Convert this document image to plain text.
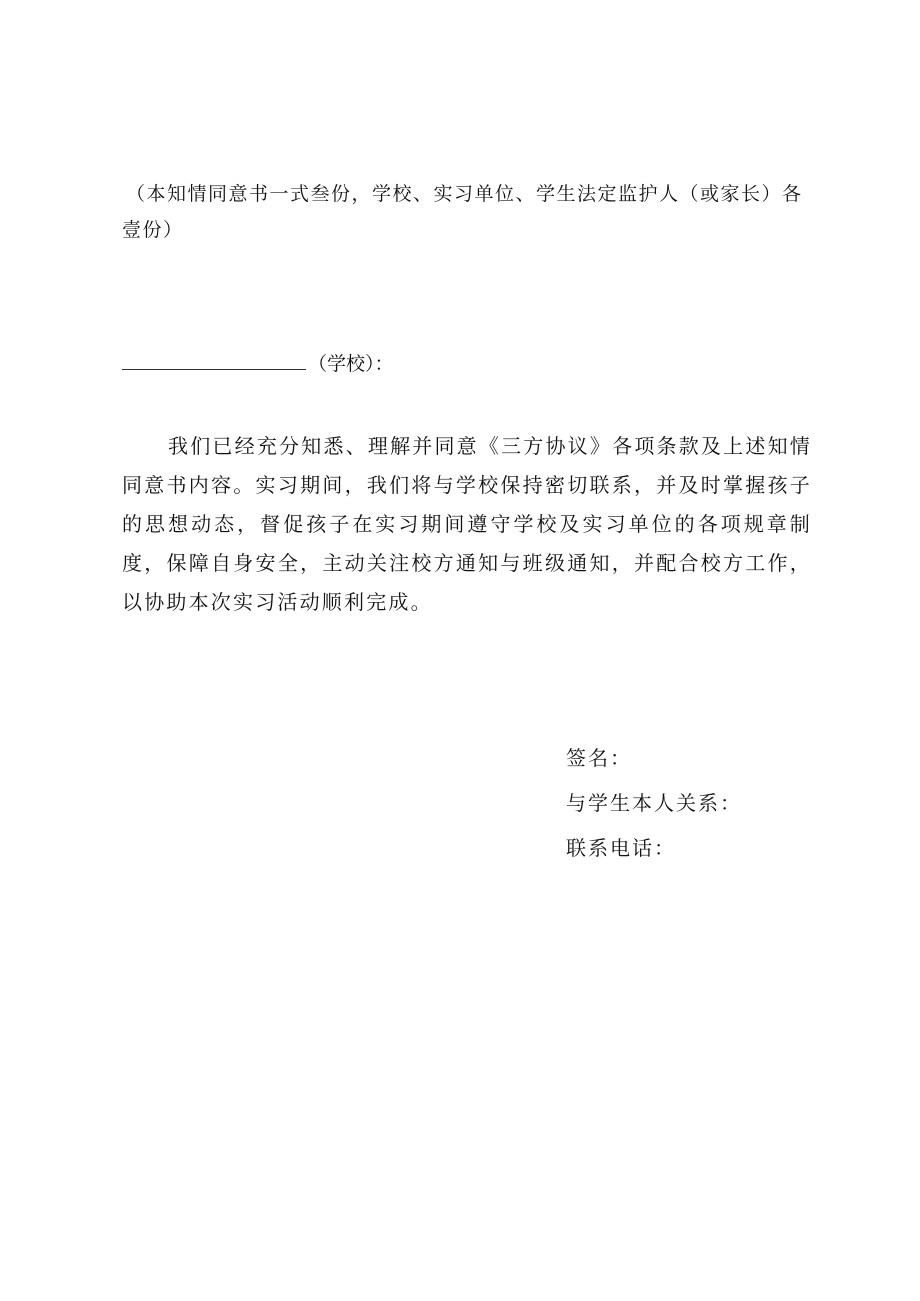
（本知情同意书一式叁份，学校、实习单位、学生法定监护人（或家长）各壹份）
（学校）：
我们已经充分知悉、理解并同意《三方协议》各项条款及上述知情同意书内容。实习期间，我们将与学校保持密切联系，并及时掌握孩子的思想动态，督促孩子在实习期间遵守学校及实习单位的各项规章制度，保障自身安全，主动关注校方通知与班级通知，并配合校方工作，以协助本次实习活动顺利完成。
签名：
与学生本人关系：
联系电话：
